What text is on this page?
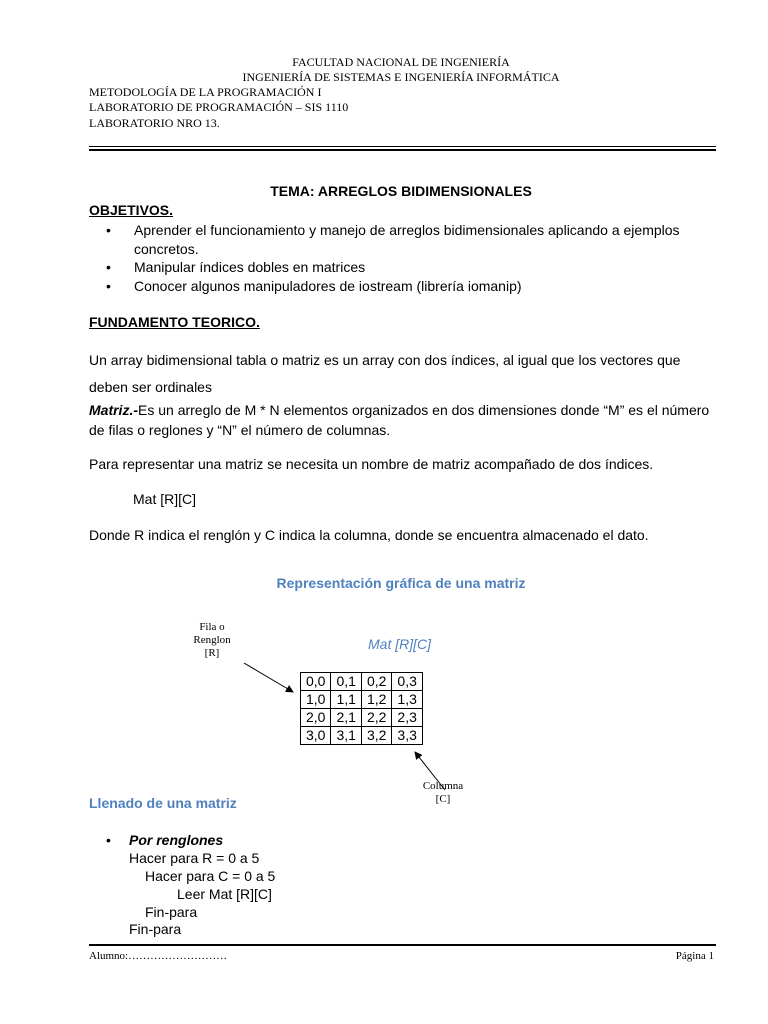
FACULTAD NACIONAL DE INGENIERÍA
INGENIERÍA DE SISTEMAS E INGENIERÍA INFORMÁTICA
METODOLOGÍA DE LA PROGRAMACIÓN I
LABORATORIO DE PROGRAMACIÓN – SIS 1110
LABORATORIO NRO 13.
TEMA: ARREGLOS BIDIMENSIONALES
OBJETIVOS.
• Aprender el funcionamiento y manejo de arreglos bidimensionales aplicando a ejemplos concretos.
• Manipular índices dobles en matrices
• Conocer algunos manipuladores de iostream (librería iomanip)
FUNDAMENTO TEORICO.
Un array bidimensional tabla o matriz es un array con dos índices, al igual que los vectores que deben ser ordinales
Matriz.-Es un arreglo de M * N elementos organizados en dos dimensiones donde “M” es el número de filas o reglones y “N” el número de columnas.
Para representar una matriz se necesita un nombre de matriz acompañado de dos índices.
Mat [R][C]
Donde R indica el renglón y C indica la columna, donde se encuentra almacenado el dato.
Representación gráfica de una matriz
Fila o
Renglon
[R]
Mat [R][C]
0,0	0,1	0,2	0,3
1,0	1,1	1,2	1,3
2,0	2,1	2,2	2,3
3,0	3,1	3,2	3,3
Columna
[C]
Llenado de una matriz
• Por renglones
Hacer para R = 0 a 5
Hacer para C = 0 a 5
Leer Mat [R][C]
Fin-para
Fin-para
Alumno:………………………	Página 1
